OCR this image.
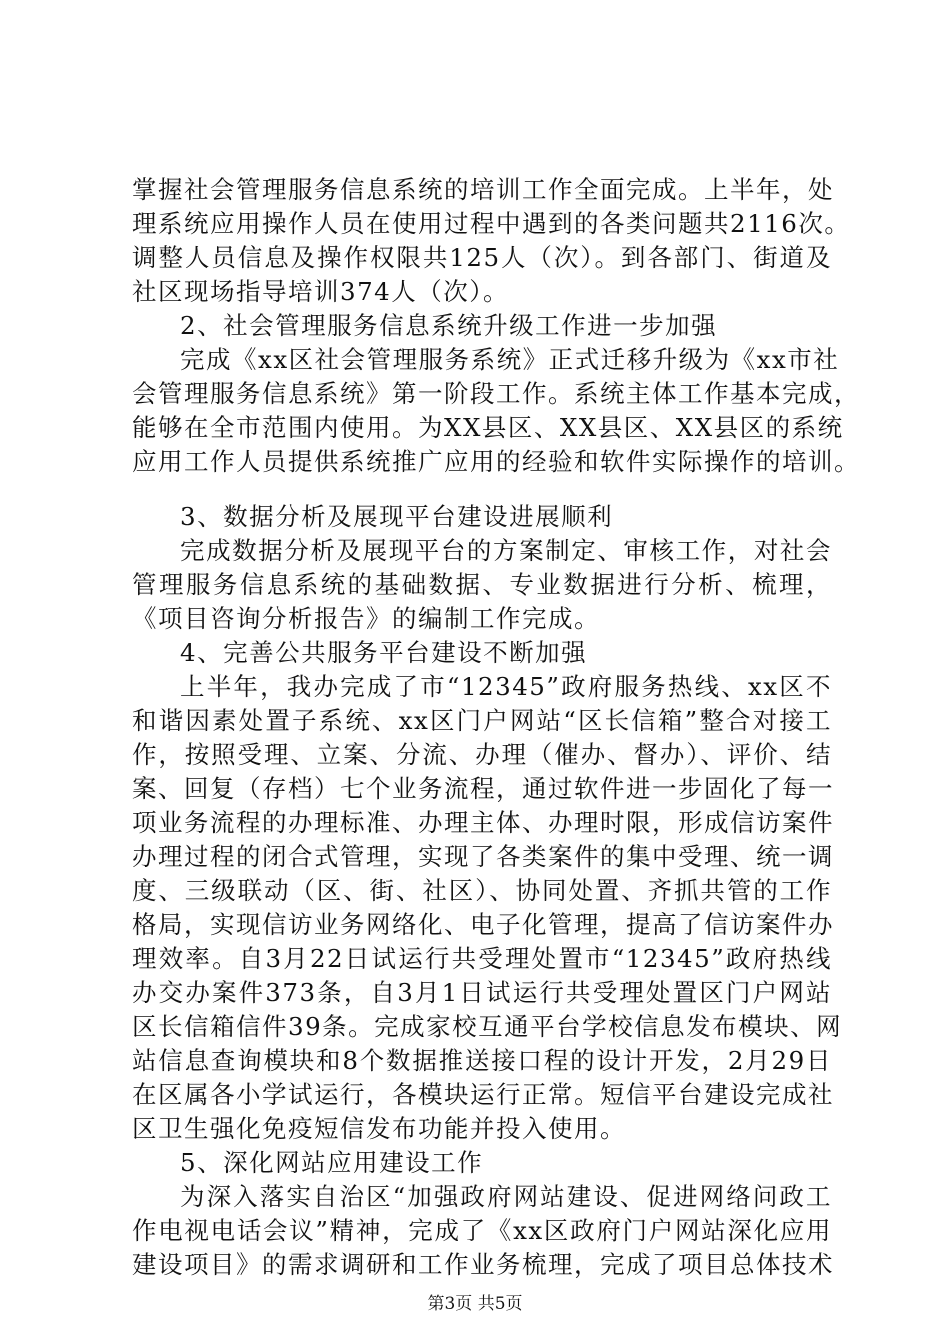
掌握社会管理服务信息系统的培训工作全面完成。上半年，处
理系统应用操作人员在使用过程中遇到的各类问题共2116次。
调整人员信息及操作权限共125人（次）。到各部门、街道及
社区现场指导培训374人（次）。
2、社会管理服务信息系统升级工作进一步加强
完成《xx区社会管理服务系统》正式迁移升级为《xx市社
会管理服务信息系统》第一阶段工作。系统主体工作基本完成，
能够在全市范围内使用。为XX县区、XX县区、XX县区的系统
应用工作人员提供系统推广应用的经验和软件实际操作的培训。
3、数据分析及展现平台建设进展顺利
完成数据分析及展现平台的方案制定、审核工作，对社会
管理服务信息系统的基础数据、专业数据进行分析、梳理，
《项目咨询分析报告》的编制工作完成。
4、完善公共服务平台建设不断加强
上半年，我办完成了市“12345”政府服务热线、xx区不
和谐因素处置子系统、xx区门户网站“区长信箱”整合对接工
作，按照受理、立案、分流、办理（催办、督办）、评价、结
案、回复（存档）七个业务流程，通过软件进一步固化了每一
项业务流程的办理标准、办理主体、办理时限，形成信访案件
办理过程的闭合式管理，实现了各类案件的集中受理、统一调
度、三级联动（区、街、社区）、协同处置、齐抓共管的工作
格局，实现信访业务网络化、电子化管理，提高了信访案件办
理效率。自3月22日试运行共受理处置市“12345”政府热线
办交办案件373条，自3月1日试运行共受理处置区门户网站
区长信箱信件39条。完成家校互通平台学校信息发布模块、网
站信息查询模块和8个数据推送接口程的设计开发，2月29日
在区属各小学试运行，各模块运行正常。短信平台建设完成社
区卫生强化免疫短信发布功能并投入使用。
5、深化网站应用建设工作
为深入落实自治区“加强政府网站建设、促进网络问政工
作电视电话会议”精神，完成了《xx区政府门户网站深化应用
建设项目》的需求调研和工作业务梳理，完成了项目总体技术
第3页 共5页
